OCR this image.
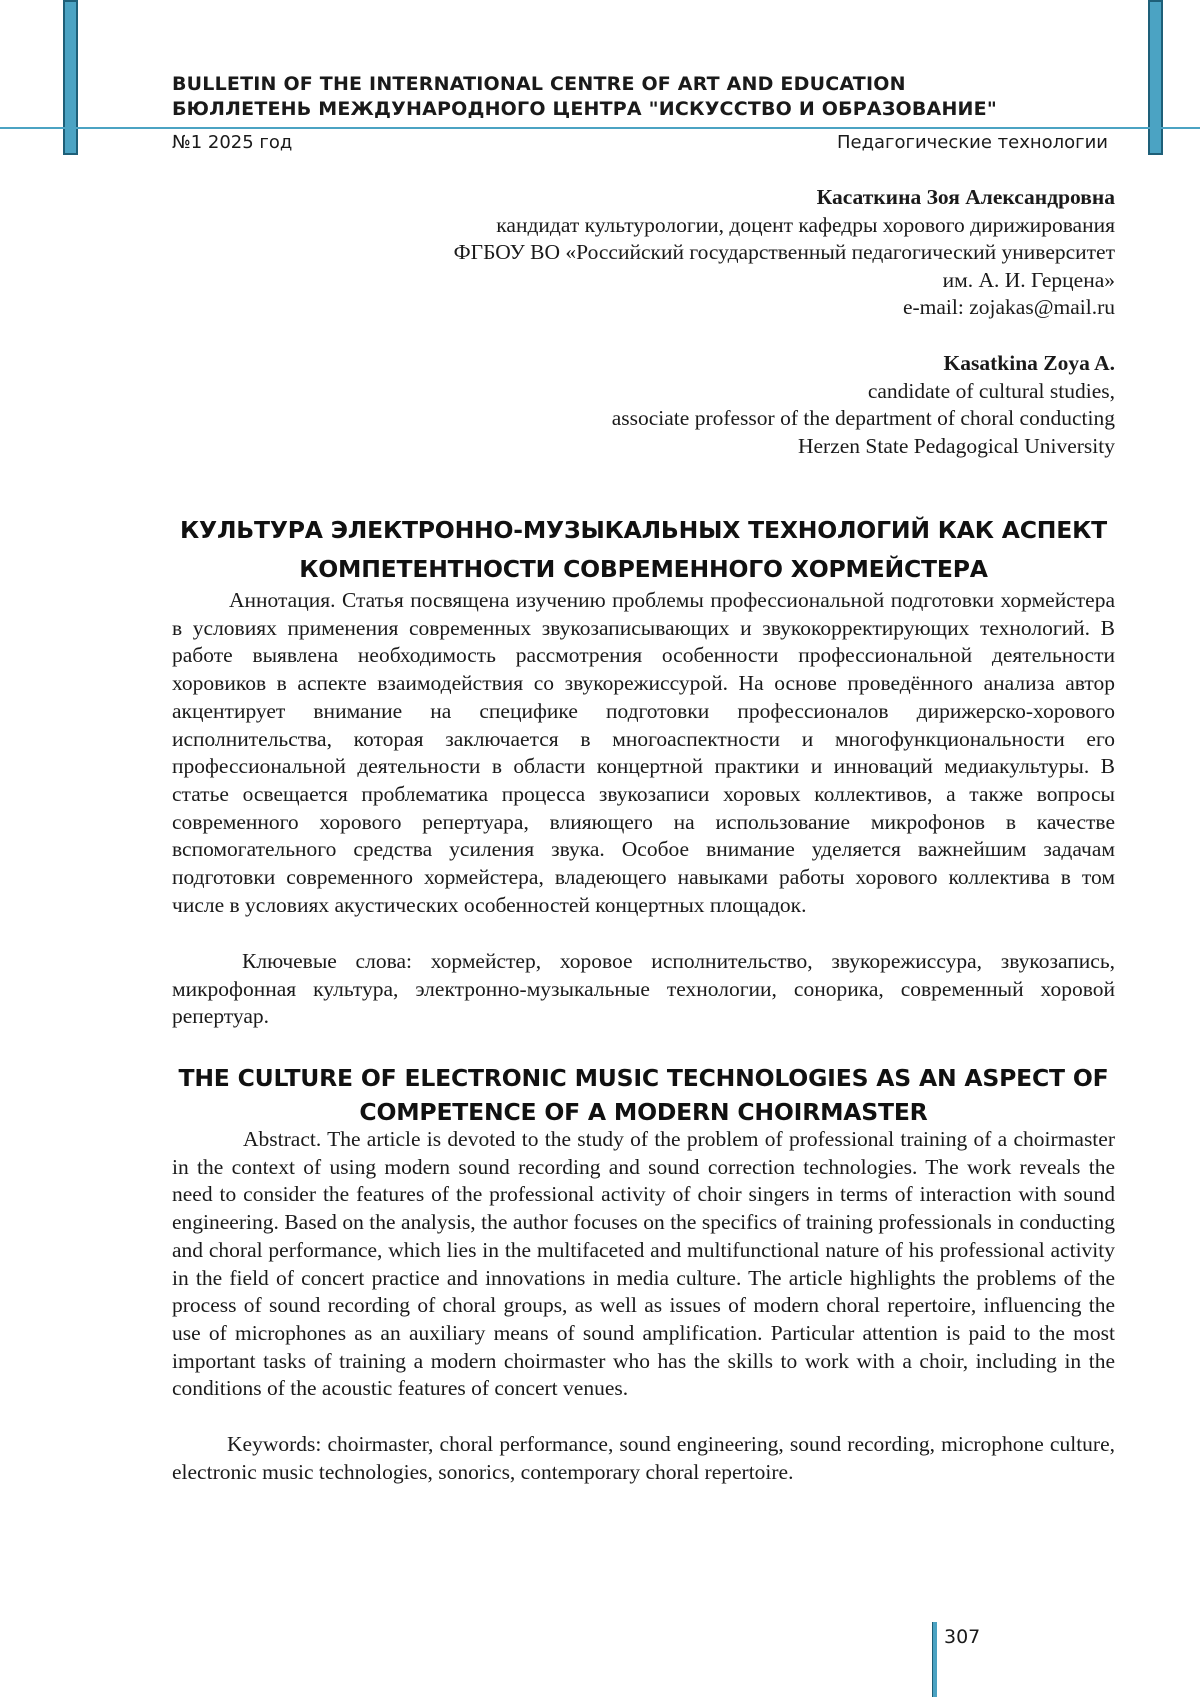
BULLETIN OF THE INTERNATIONAL CENTRE OF ART AND EDUCATION
БЮЛЛЕТЕНЬ МЕЖДУНАРОДНОГО ЦЕНТРА "ИСКУССТВО И ОБРАЗОВАНИЕ"
№1 2025 год	Педагогические технологии
Касаткина Зоя Александровна
кандидат культурологии, доцент кафедры хорового дирижирования
ФГБОУ ВО «Российский государственный педагогический университет
им. А. И. Герцена»
e-mail: zojakas@mail.ru
Kasatkina Zoya A.
candidate of cultural studies,
associate professor of the department of choral conducting
Herzen State Pedagogical University
КУЛЬТУРА ЭЛЕКТРОННО-МУЗЫКАЛЬНЫХ ТЕХНОЛОГИЙ КАК АСПЕКТ КОМПЕТЕНТНОСТИ СОВРЕМЕННОГО ХОРМЕЙСТЕРА
Аннотация. Статья посвящена изучению проблемы профессиональной подготовки хормейстера в условиях применения современных звукозаписывающих и звукокорректирующих технологий. В работе выявлена необходимость рассмотрения особенности профессиональной деятельности хоровиков в аспекте взаимодействия со звукорежиссурой. На основе проведённого анализа автор акцентирует внимание на специфике подготовки профессионалов дирижерско-хорового исполнительства, которая заключается в многоаспектности и многофункциональности его профессиональной деятельности в области концертной практики и инноваций медиакультуры. В статье освещается проблематика процесса звукозаписи хоровых коллективов, а также вопросы современного хорового репертуара, влияющего на использование микрофонов в качестве вспомогательного средства усиления звука. Особое внимание уделяется важнейшим задачам подготовки современного хормейстера, владеющего навыками работы хорового коллектива в том числе в условиях акустических особенностей концертных площадок.
Ключевые слова: хормейстер, хоровое исполнительство, звукорежиссура, звукозапись, микрофонная культура, электронно-музыкальные технологии, сонорика, современный хоровой репертуар.
THE CULTURE OF ELECTRONIC MUSIC TECHNOLOGIES AS AN ASPECT OF COMPETENCE OF A MODERN CHOIRMASTER
Abstract. The article is devoted to the study of the problem of professional training of a choirmaster in the context of using modern sound recording and sound correction technologies. The work reveals the need to consider the features of the professional activity of choir singers in terms of interaction with sound engineering. Based on the analysis, the author focuses on the specifics of training professionals in conducting and choral performance, which lies in the multifaceted and multifunctional nature of his professional activity in the field of concert practice and innovations in media culture. The article highlights the problems of the process of sound recording of choral groups, as well as issues of modern choral repertoire, influencing the use of microphones as an auxiliary means of sound amplification. Particular attention is paid to the most important tasks of training a modern choirmaster who has the skills to work with a choir, including in the conditions of the acoustic features of concert venues.
Keywords: choirmaster, choral performance, sound engineering, sound recording, microphone culture, electronic music technologies, sonorics, contemporary choral repertoire.
307
